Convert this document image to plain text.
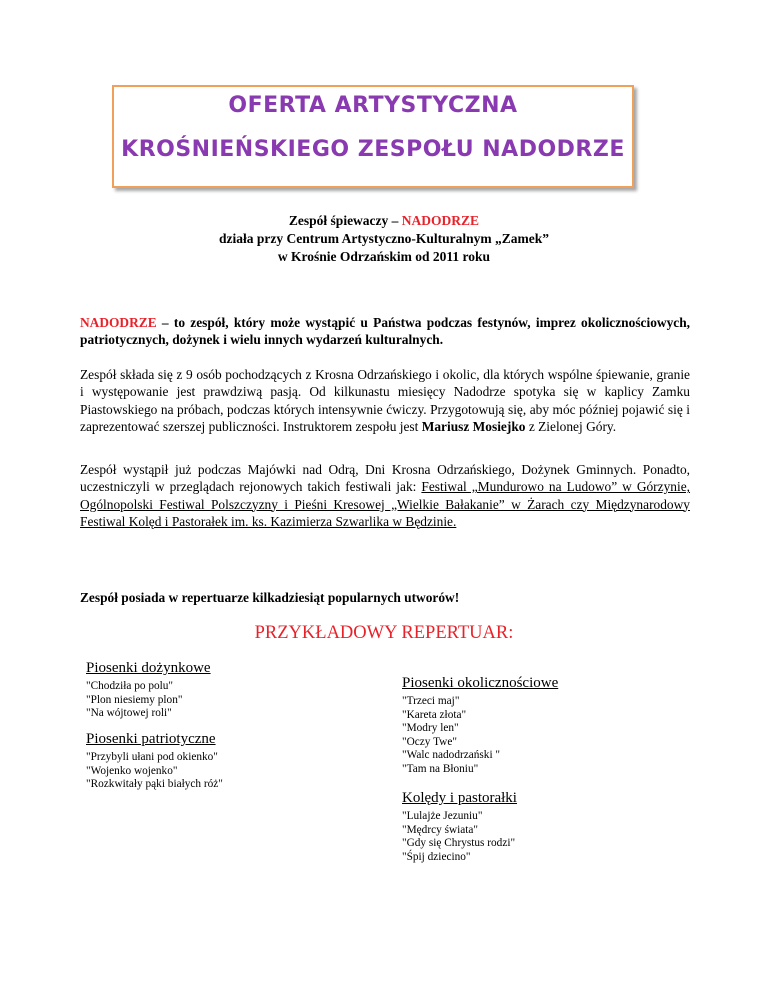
OFERTA ARTYSTYCZNA
KROŚNIEŃSKIEGO ZESPOŁU NADODRZE
Zespół śpiewaczy – NADODRZE
działa przy Centrum Artystyczno-Kulturalnym „Zamek”
w Krośnie Odrzańskim od 2011 roku
NADODRZE – to zespół, który może wystąpić u Państwa podczas festynów, imprez okolicznościowych, patriotycznych, dożynek i wielu innych wydarzeń kulturalnych.
Zespół składa się z 9 osób pochodzących z Krosna Odrzańskiego i okolic, dla których wspólne śpiewanie, granie i występowanie jest prawdziwą pasją. Od kilkunastu miesięcy Nadodrze spotyka się w kaplicy Zamku Piastowskiego na próbach, podczas których intensywnie ćwiczy. Przygotowują się, aby móc później pojawić się i zaprezentować szerszej publiczności. Instruktorem zespołu jest Mariusz Mosiejko z Zielonej Góry.
Zespół wystąpił już podczas Majówki nad Odrą, Dni Krosna Odrzańskiego, Dożynek Gminnych. Ponadto, uczestniczyli w przeglądach rejonowych takich festiwali jak: Festiwal „Mundurowo na Ludowo” w Górzynie, Ogólnopolski Festiwal Polszczyzny i Pieśni Kresowej „Wielkie Bałakanie” w Żarach czy Międzynarodowy Festiwal Kolęd i Pastorałek im. ks. Kazimierza Szwarlika w Będzinie.
Zespół posiada w repertuarze kilkadziesiąt popularnych utworów!
PRZYKŁADOWY REPERTUAR:
Piosenki dożynkowe
"Chodziła po polu"
"Plon niesiemy plon"
"Na wójtowej roli"
Piosenki patriotyczne
"Przybyli ułani pod okienko"
"Wojenko wojenko"
"Rozkwitały pąki białych róż"
Piosenki okolicznościowe
"Trzeci maj"
"Kareta złota"
"Modry len"
"Oczy Twe"
"Walc nadodrzański "
"Tam na Błoniu"
Kolędy i pastorałki
"Lulajże Jezuniu"
"Mędrcy świata"
"Gdy się Chrystus rodzi"
"Śpij dziecino"
